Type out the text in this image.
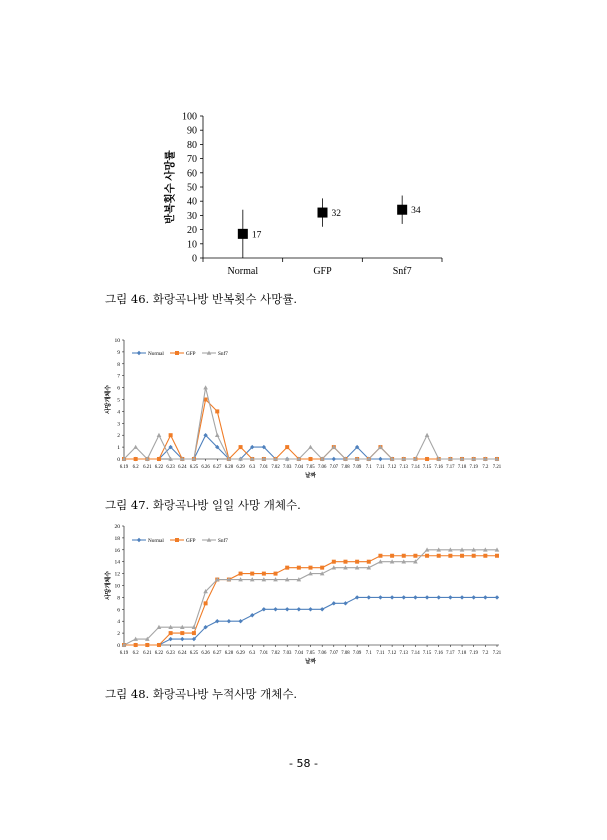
0
10
20
30
40
50
60
70
80
90
100
반복횟수 사망률
Normal
17
GFP
32
Snf7
34
그림 46. 화랑곡나방 반복횟수 사망률.
0
1
2
3
4
5
6
7
8
9
10
6.19 6.2 6.21 6.22 6.23 6.24 6.25 6.26 6.27 6.28 6.29 6.3 7.01 7.02 7.03 7.04 7.05 7.06 7.07 7.08 7.09 7.1 7.11 7.12 7.13 7.14 7.15 7.16 7.17 7.18 7.19 7.2 7.21
사망개체수
날짜
Normal	GFP	Snf7
그림 47. 화랑곡나방 일일 사망 개체수.
0
2
4
6
8
10
12
14
16
18
20
6.19 6.2 6.21 6.22 6.23 6.24 6.25 6.26 6.27 6.28 6.29 6.3 7.01 7.02 7.03 7.04 7.05 7.06 7.07 7.08 7.09 7.1 7.11 7.12 7.13 7.14 7.15 7.16 7.17 7.18 7.19 7.2 7.21
사망개체수
날짜
Normal	GFP	Snf7
그림 48. 화랑곡나방 누적사망 개체수.
- 58 -
